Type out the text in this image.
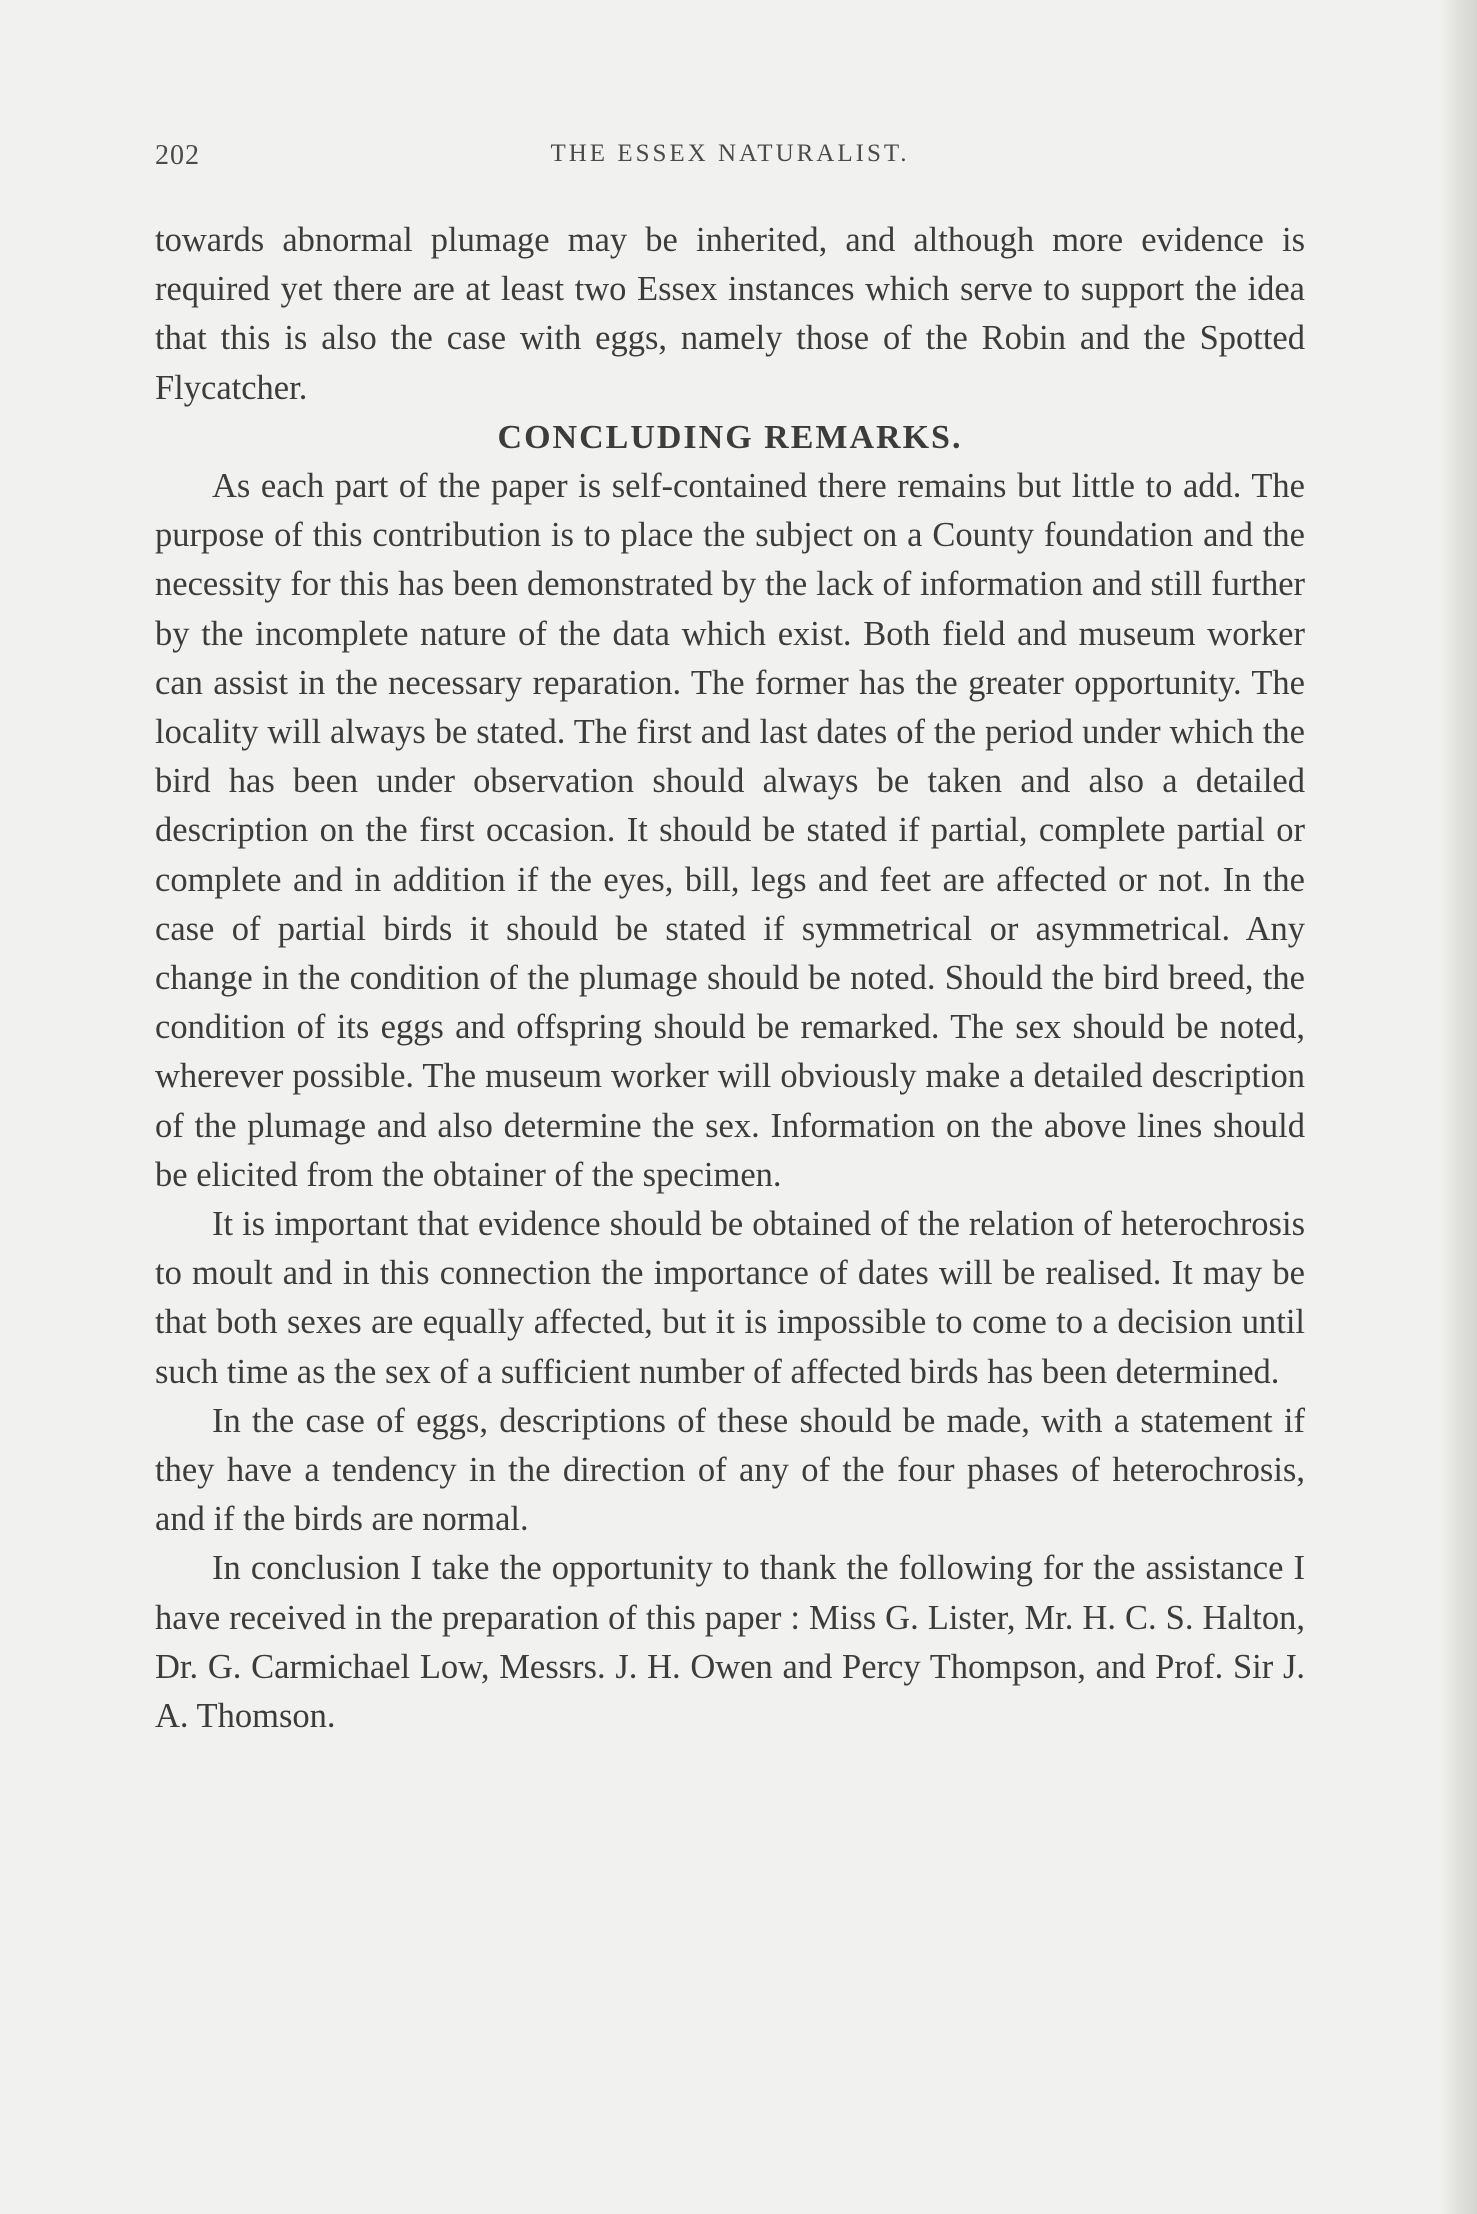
202	THE ESSEX NATURALIST.

towards abnormal plumage may be inherited, and although more evidence is required yet there are at least two Essex instances which serve to support the idea that this is also the case with eggs, namely those of the Robin and the Spotted Flycatcher.

CONCLUDING REMARKS.

As each part of the paper is self-contained there remains but little to add. The purpose of this contribution is to place the subject on a County foundation and the necessity for this has been demonstrated by the lack of information and still further by the incomplete nature of the data which exist. Both field and museum worker can assist in the necessary reparation. The former has the greater opportunity. The locality will always be stated. The first and last dates of the period under which the bird has been under observation should always be taken and also a detailed description on the first occasion. It should be stated if partial, complete partial or complete and in addition if the eyes, bill, legs and feet are affected or not. In the case of partial birds it should be stated if symmetrical or asymmetrical. Any change in the condition of the plumage should be noted. Should the bird breed, the condition of its eggs and offspring should be remarked. The sex should be noted, wherever possible. The museum worker will obviously make a detailed description of the plumage and also determine the sex. Information on the above lines should be elicited from the obtainer of the specimen.

It is important that evidence should be obtained of the relation of heterochrosis to moult and in this connection the importance of dates will be realised. It may be that both sexes are equally affected, but it is impossible to come to a decision until such time as the sex of a sufficient number of affected birds has been determined.

In the case of eggs, descriptions of these should be made, with a statement if they have a tendency in the direction of any of the four phases of heterochrosis, and if the birds are normal.

In conclusion I take the opportunity to thank the following for the assistance I have received in the preparation of this paper : Miss G. Lister, Mr. H. C. S. Halton, Dr. G. Carmichael Low, Messrs. J. H. Owen and Percy Thompson, and Prof. Sir J. A. Thomson.
